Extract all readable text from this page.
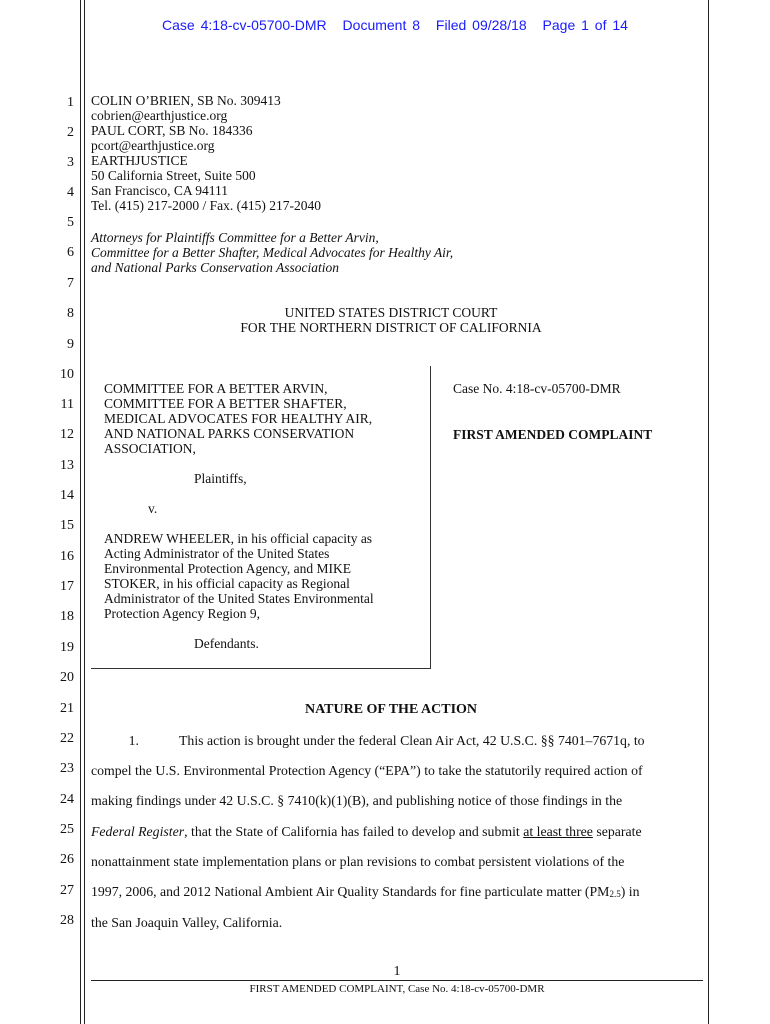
Case 4:18-cv-05700-DMR Document 8 Filed 09/28/18 Page 1 of 14
1
2
3
4
5
6
7
8
9
10
11
12
13
14
15
16
17
18
19
20
21
22
23
24
25
26
27
28
COLIN O’BRIEN, SB No. 309413
cobrien@earthjustice.org
PAUL CORT, SB No. 184336
pcort@earthjustice.org
EARTHJUSTICE
50 California Street, Suite 500
San Francisco, CA 94111
Tel. (415) 217-2000 / Fax. (415) 217-2040
Attorneys for Plaintiffs Committee for a Better Arvin,
Committee for a Better Shafter, Medical Advocates for Healthy Air,
and National Parks Conservation Association
UNITED STATES DISTRICT COURT
FOR THE NORTHERN DISTRICT OF CALIFORNIA
COMMITTEE FOR A BETTER ARVIN,
COMMITTEE FOR A BETTER SHAFTER,
MEDICAL ADVOCATES FOR HEALTHY AIR,
AND NATIONAL PARKS CONSERVATION
ASSOCIATION,
Plaintiffs,
v.
ANDREW WHEELER, in his official capacity as
Acting Administrator of the United States
Environmental Protection Agency, and MIKE
STOKER, in his official capacity as Regional
Administrator of the United States Environmental
Protection Agency Region 9,
Defendants.
Case No. 4:18-cv-05700-DMR
FIRST AMENDED COMPLAINT
NATURE OF THE ACTION
1.	This action is brought under the federal Clean Air Act, 42 U.S.C. §§ 7401–7671q, to
compel the U.S. Environmental Protection Agency (“EPA”) to take the statutorily required action of
making findings under 42 U.S.C. § 7410(k)(1)(B), and publishing notice of those findings in the
Federal Register, that the State of California has failed to develop and submit at least three separate
nonattainment state implementation plans or plan revisions to combat persistent violations of the
1997, 2006, and 2012 National Ambient Air Quality Standards for fine particulate matter $(PM_{2.5})$ in
the San Joaquin Valley, California.
1
FIRST AMENDED COMPLAINT, Case No. 4:18-cv-05700-DMR
